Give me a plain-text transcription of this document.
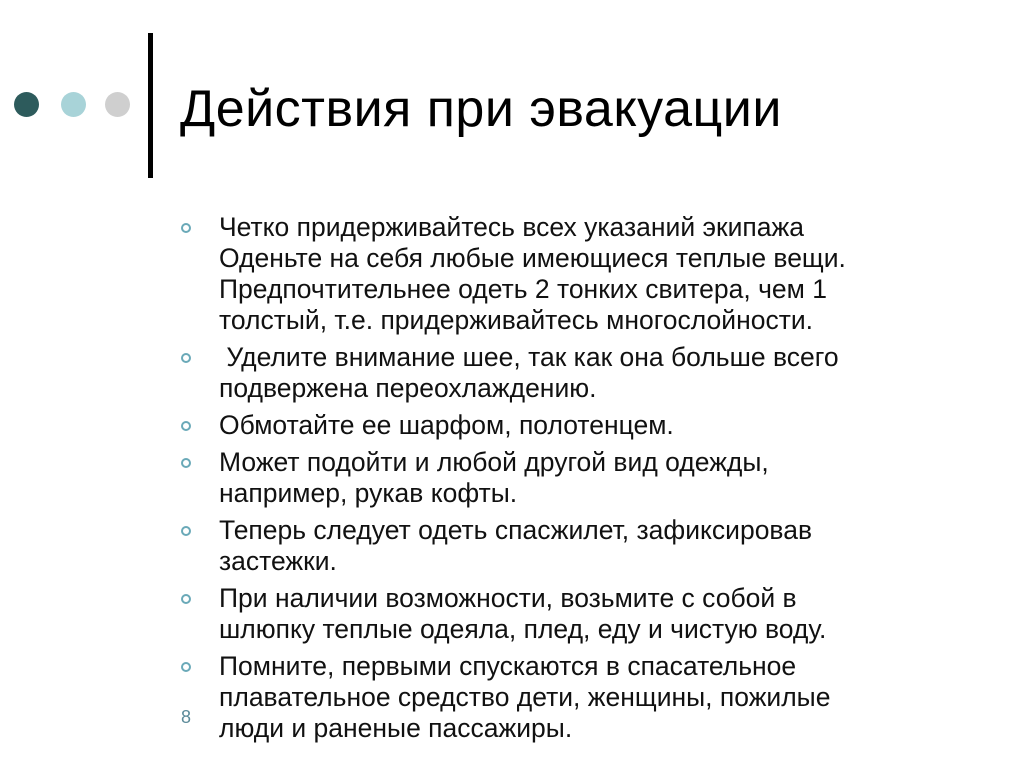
Действия при эвакуации
Четко придерживайтесь всех указаний экипажа
Оденьте на себя любые имеющиеся теплые вещи.
Предпочтительнее одеть 2 тонких свитера, чем 1
толстый, т.е. придерживайтесь многослойности.
Уделите внимание шее, так как она больше всего
подвержена переохлаждению.
Обмотайте ее шарфом, полотенцем.
Может подойти и любой другой вид одежды,
например, рукав кофты.
Теперь следует одеть спасжилет, зафиксировав
застежки.
При наличии возможности, возьмите с собой в
шлюпку теплые одеяла, плед, еду и чистую воду.
Помните, первыми спускаются в спасательное
плавательное средство дети, женщины, пожилые
люди и раненые пассажиры.
8
